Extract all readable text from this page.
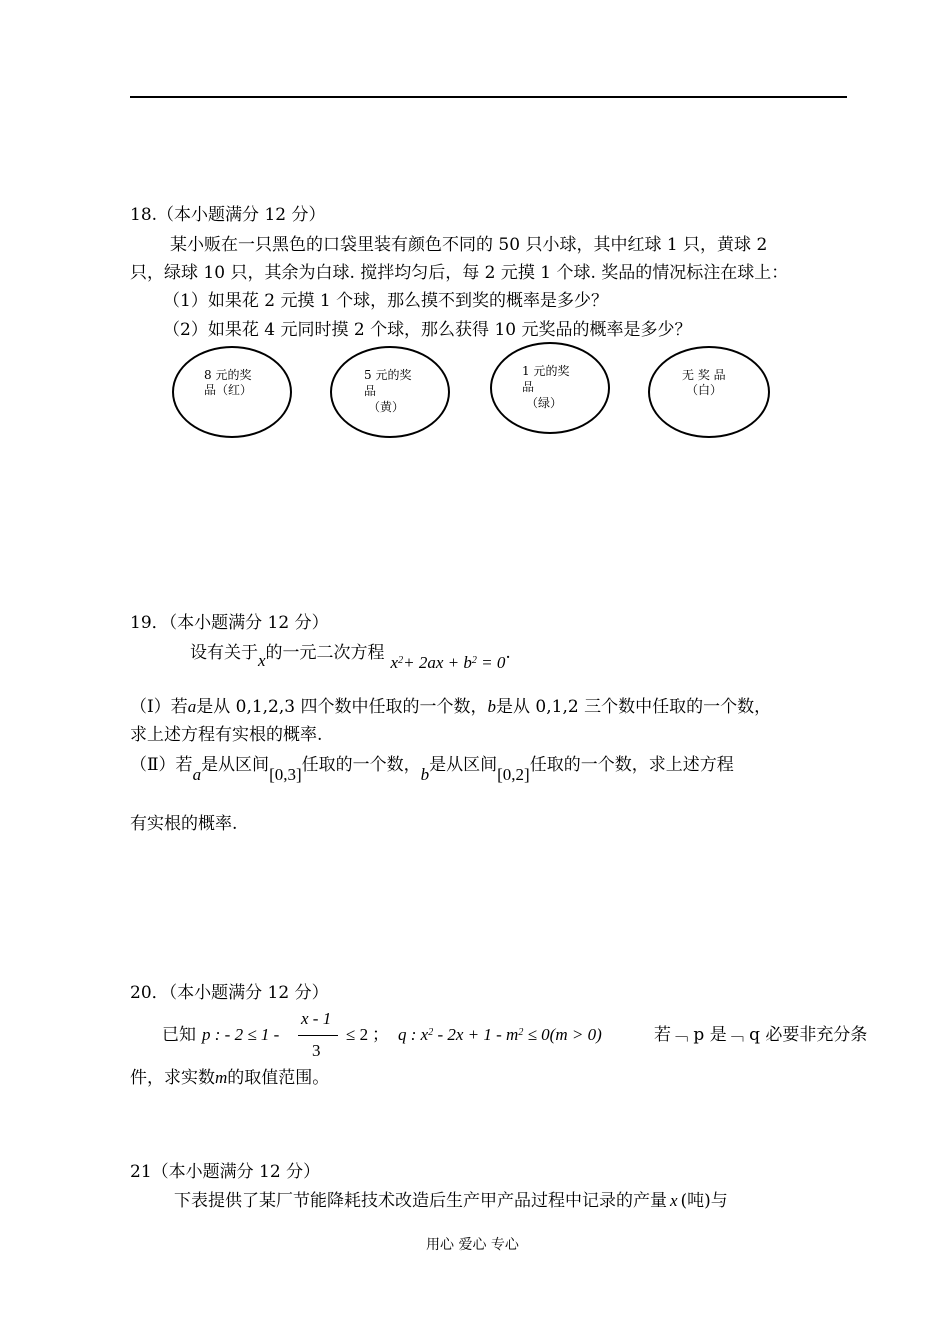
18.（本小题满分 12 分）
某小贩在一只黑色的口袋里装有颜色不同的 50 只小球，其中红球 1 只，黄球 2
只，绿球 10 只，其余为白球. 搅拌均匀后，每 2 元摸 1 个球. 奖品的情况标注在球上：
（1）如果花 2 元摸 1 个球，那么摸不到奖的概率是多少？
（2）如果花 4 元同时摸 2 个球，那么获得 10 元奖品的概率是多少？
8 元的奖
品（红）
5 元的奖
品
（黄）
1 元的奖
品
（绿）
无 奖 品
（白）
19．（本小题满分 12 分）
设有关于x的一元二次方程 $x^2+ 2ax + b^2 = 0$.
（Ⅰ）若a是从 0,1,2,3 四个数中任取的一个数，b是从 0,1,2 三个数中任取的一个数，
求上述方程有实根的概率.
（Ⅱ）若a是从区间[0,3]任取的一个数，b是从区间[0,2]任取的一个数，求上述方程
有实根的概率.
20．（本小题满分 12 分）
已知 p : - 2 ≤ 1 -
x - 1
3
≤ 2 ； q : $x^2 - 2x + 1 - m^2 \le 0(m > 0)$	若﹁ p 是﹁ q 必要非充分条
件，求实数m的取值范围。
21（本小题满分 12 分）
下表提供了某厂节能降耗技术改造后生产甲产品过程中记录的产量 x (吨)与
用心 爱心 专心
